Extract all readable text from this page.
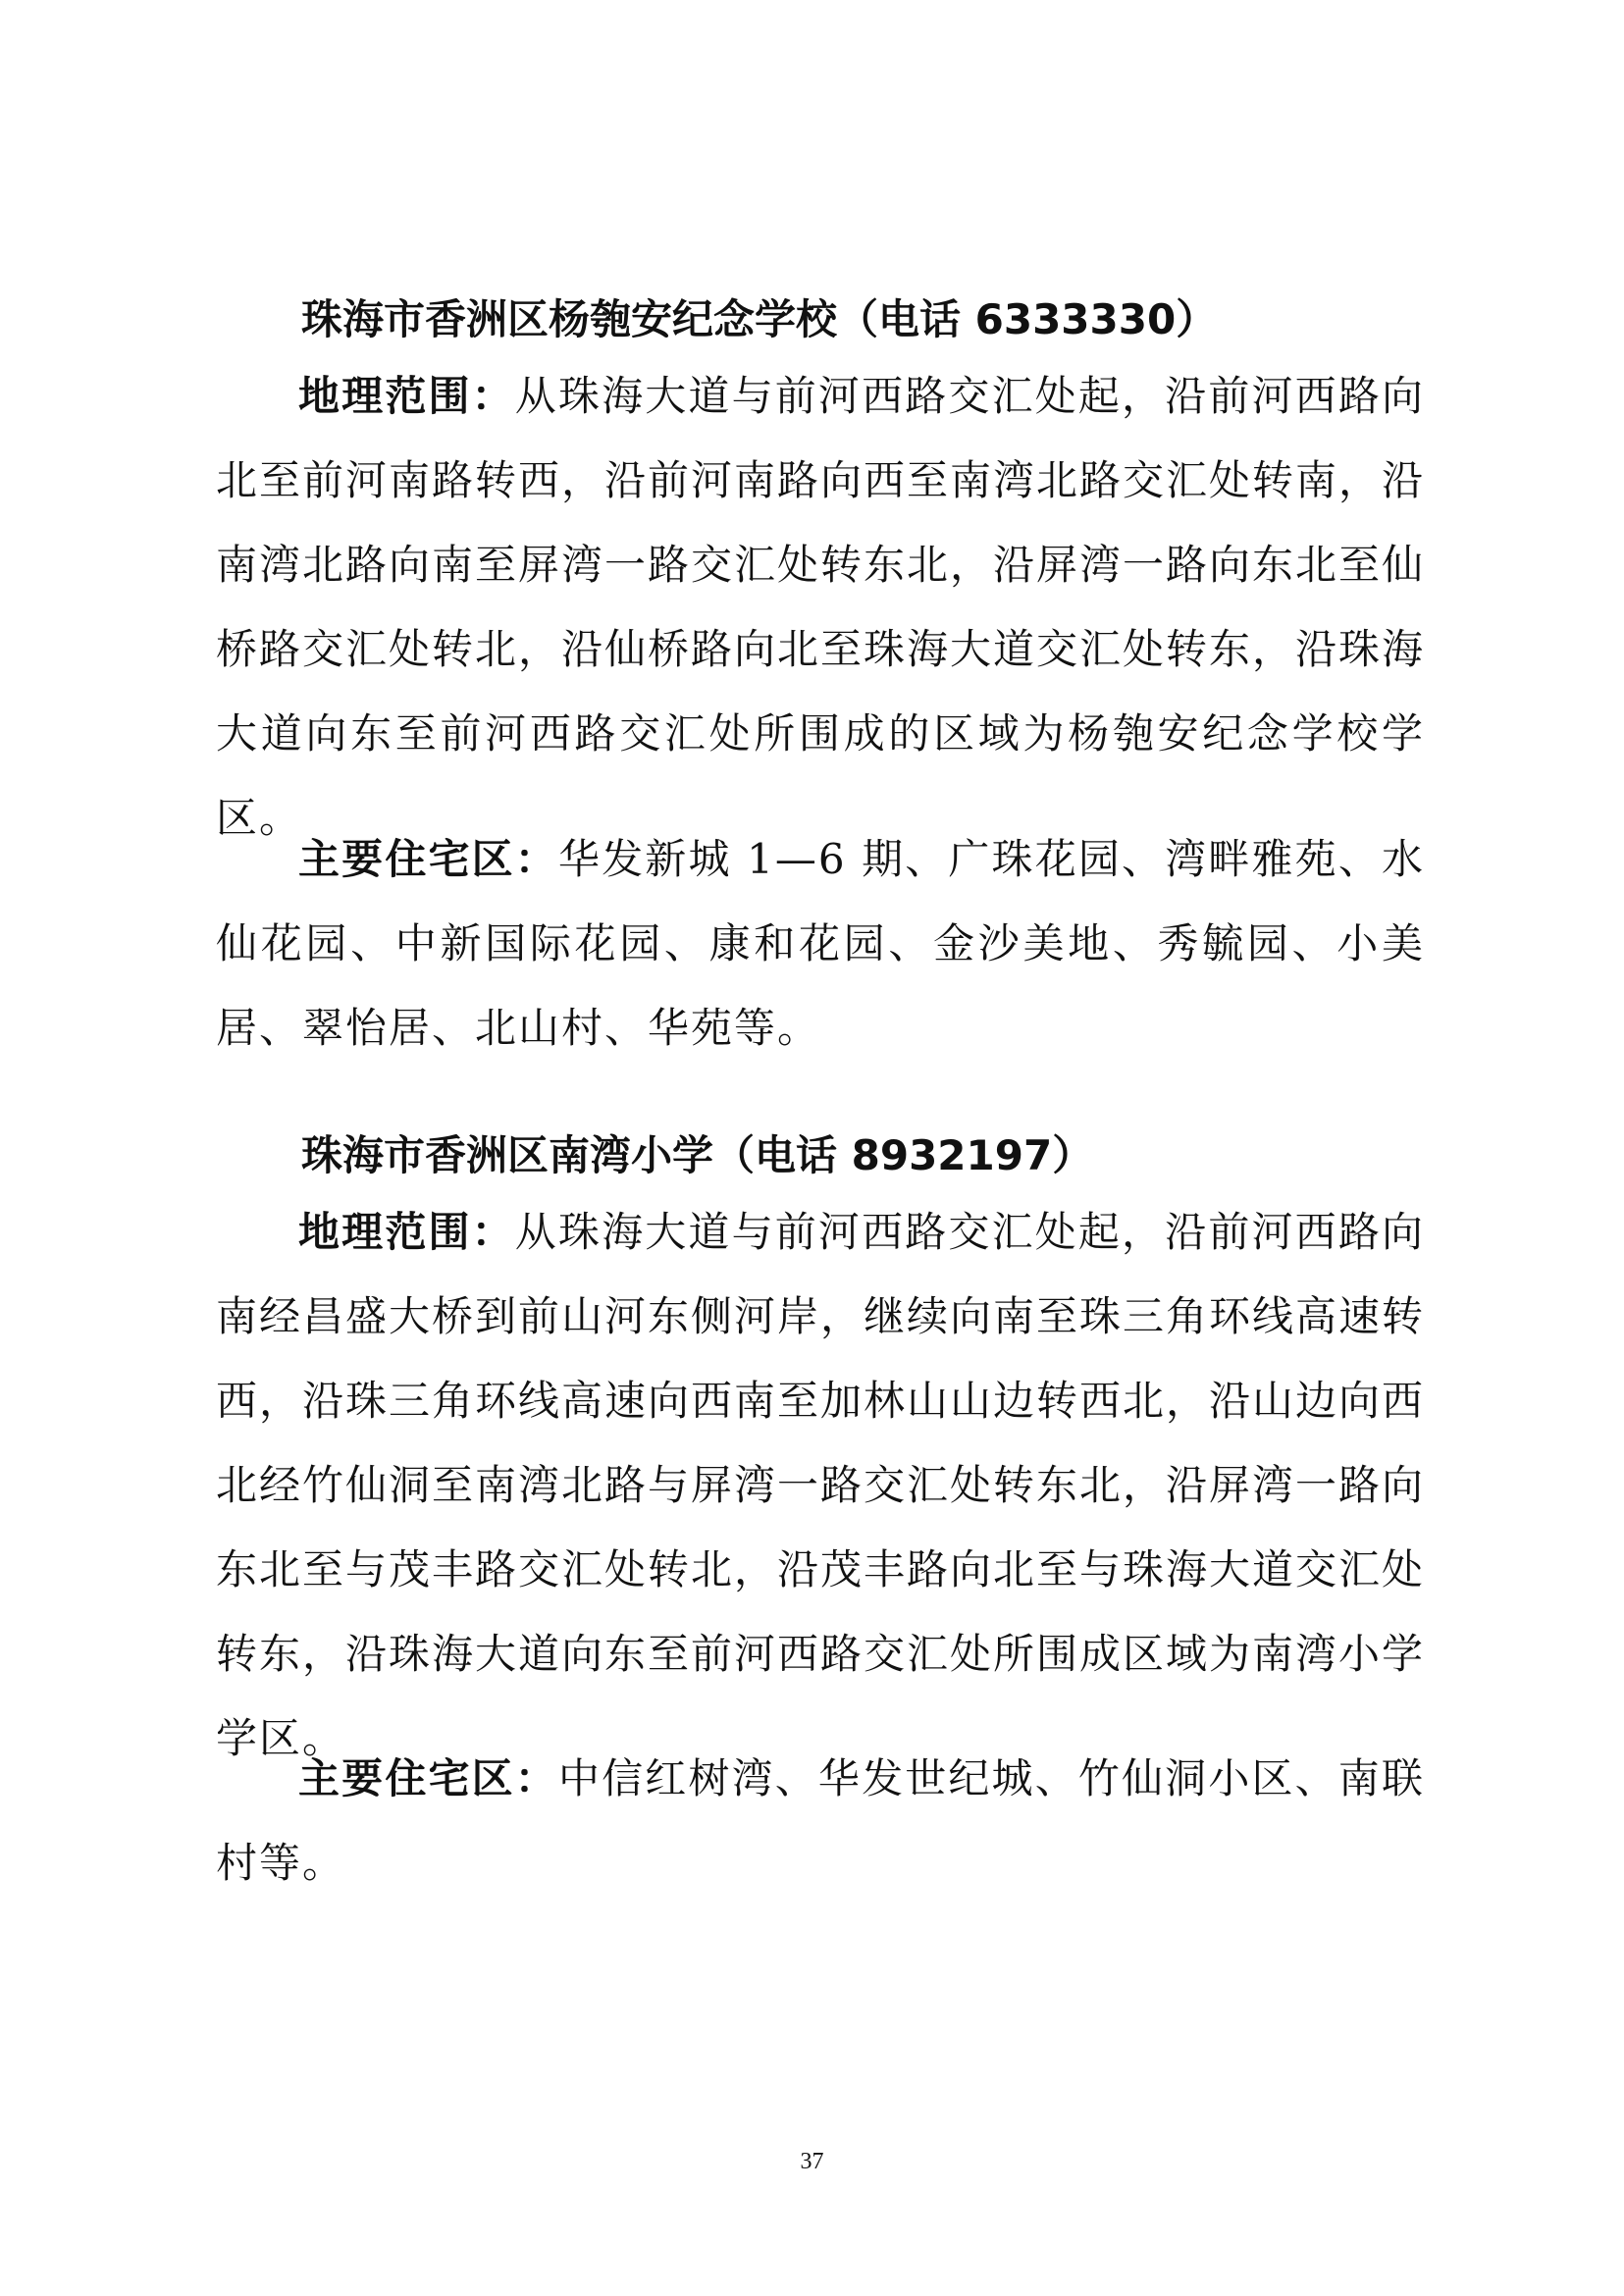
珠海市香洲区杨匏安纪念学校（电话 6333330）

地理范围：从珠海大道与前河西路交汇处起，沿前河西路向北至前河南路转西，沿前河南路向西至南湾北路交汇处转南，沿南湾北路向南至屏湾一路交汇处转东北，沿屏湾一路向东北至仙桥路交汇处转北，沿仙桥路向北至珠海大道交汇处转东，沿珠海大道向东至前河西路交汇处所围成的区域为杨匏安纪念学校学区。

主要住宅区：华发新城 1—6 期、广珠花园、湾畔雅苑、水仙花园、中新国际花园、康和花园、金沙美地、秀毓园、小美居、翠怡居、北山村、华苑等。

珠海市香洲区南湾小学（电话 8932197）

地理范围：从珠海大道与前河西路交汇处起，沿前河西路向南经昌盛大桥到前山河东侧河岸，继续向南至珠三角环线高速转西，沿珠三角环线高速向西南至加林山山边转西北，沿山边向西北经竹仙洞至南湾北路与屏湾一路交汇处转东北，沿屏湾一路向东北至与茂丰路交汇处转北，沿茂丰路向北至与珠海大道交汇处转东，沿珠海大道向东至前河西路交汇处所围成区域为南湾小学学区。

主要住宅区：中信红树湾、华发世纪城、竹仙洞小区、南联村等。

37
